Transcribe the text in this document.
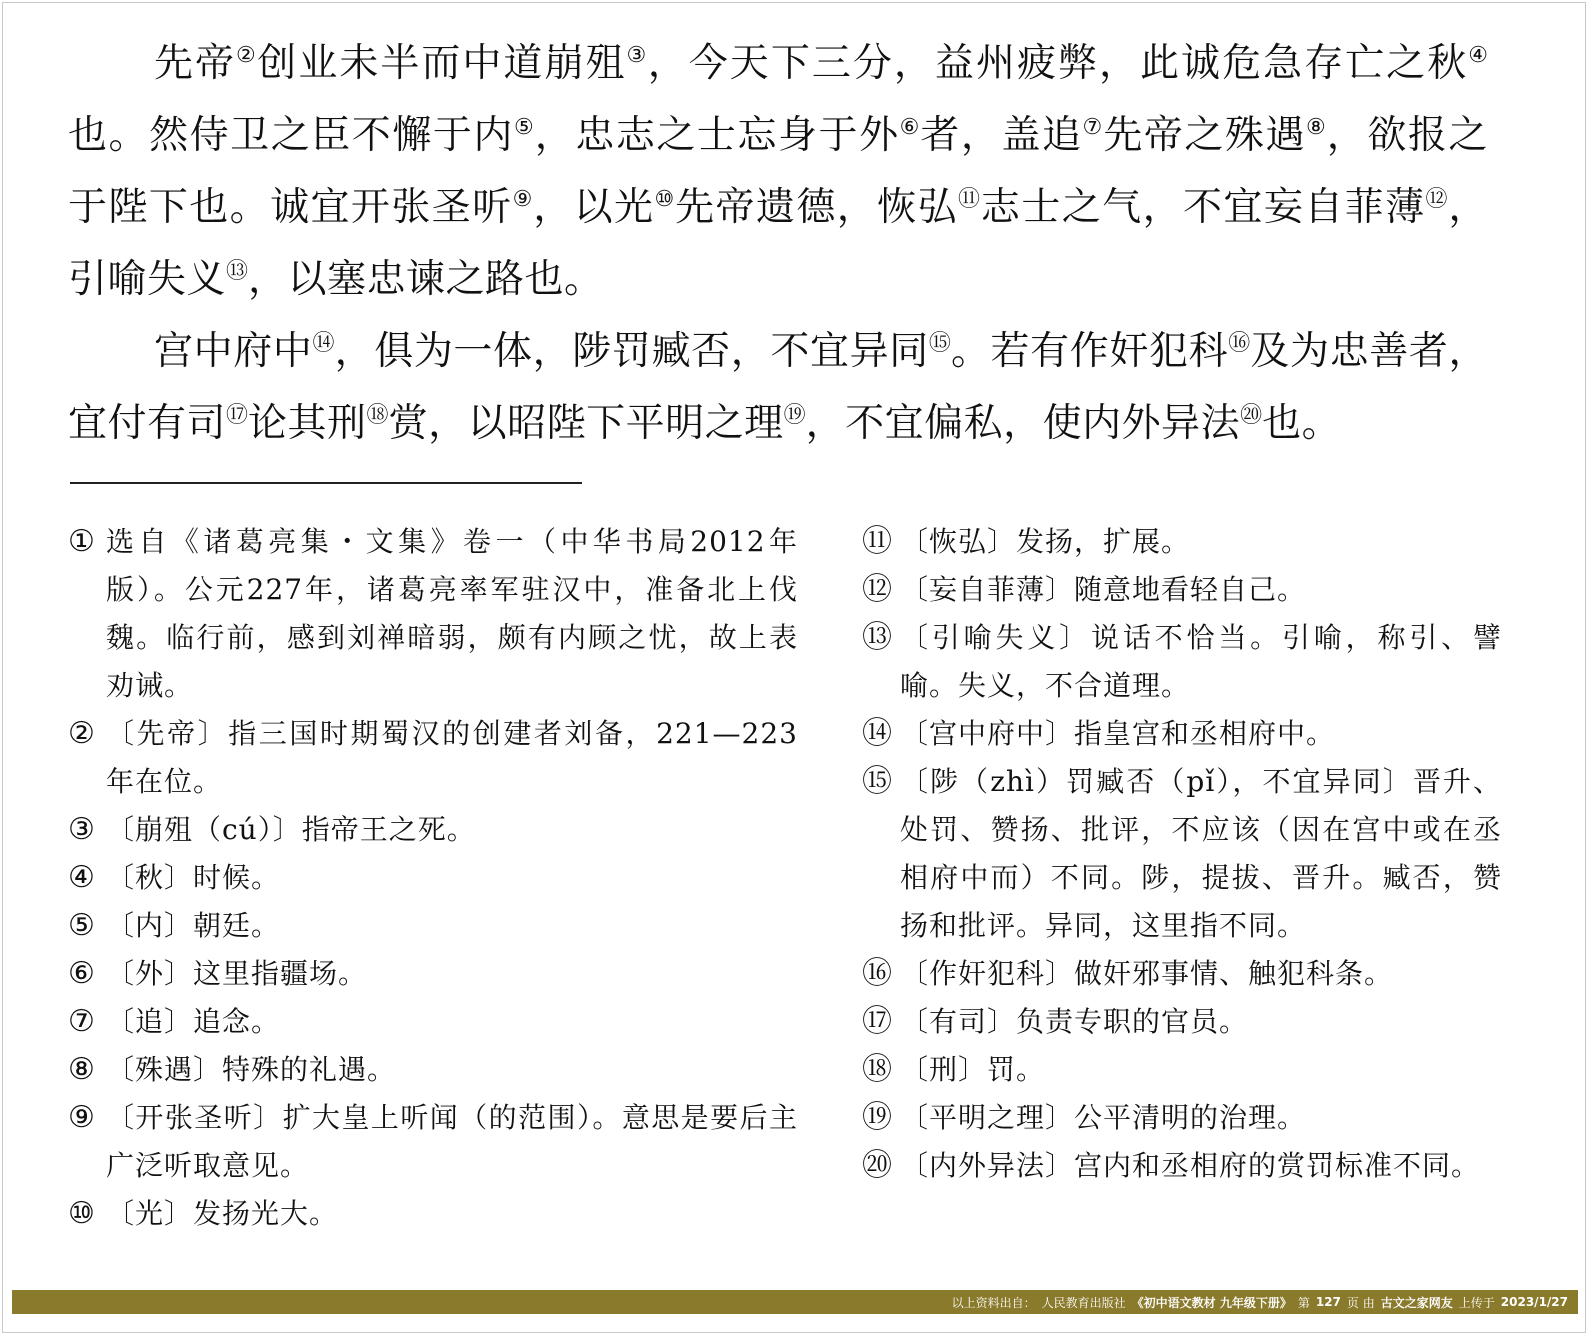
先帝②创业未半而中道崩殂③，今天下三分，益州疲弊，此诚危急存亡之秋④也。然侍卫之臣不懈于内⑤，忠志之士忘身于外⑥者，盖追⑦先帝之殊遇⑧，欲报之于陛下也。诚宜开张圣听⑨，以光⑩先帝遗德，恢弘⑪志士之气，不宜妄自菲薄⑫，引喻失义⑬，以塞忠谏之路也。

宫中府中⑭，俱为一体，陟罚臧否，不宜异同⑮。若有作奸犯科⑯及为忠善者，宜付有司⑰论其刑⑱赏，以昭陛下平明之理⑲，不宜偏私，使内外异法⑳也。

① 选自《诸葛亮集・文集》卷一（中华书局2012年版）。公元227年，诸葛亮率军驻汉中，准备北上伐魏。临行前，感到刘禅暗弱，颇有内顾之忧，故上表劝诫。
② 〔先帝〕指三国时期蜀汉的创建者刘备，221—223年在位。
③ 〔崩殂（cú）〕指帝王之死。
④ 〔秋〕时候。
⑤ 〔内〕朝廷。
⑥ 〔外〕这里指疆场。
⑦ 〔追〕追念。
⑧ 〔殊遇〕特殊的礼遇。
⑨ 〔开张圣听〕扩大皇上听闻（的范围）。意思是要后主广泛听取意见。
⑩ 〔光〕发扬光大。
⑪ 〔恢弘〕发扬，扩展。
⑫ 〔妄自菲薄〕随意地看轻自己。
⑬ 〔引喻失义〕说话不恰当。引喻，称引、譬喻。失义，不合道理。
⑭ 〔宫中府中〕指皇宫和丞相府中。
⑮ 〔陟（zhì）罚臧否（pǐ），不宜异同〕晋升、处罚、赞扬、批评，不应该（因在宫中或在丞相府中而）不同。陟，提拔、晋升。臧否，赞扬和批评。异同，这里指不同。
⑯ 〔作奸犯科〕做奸邪事情、触犯科条。
⑰ 〔有司〕负责专职的官员。
⑱ 〔刑〕罚。
⑲ 〔平明之理〕公平清明的治理。
⑳ 〔内外异法〕宫内和丞相府的赏罚标准不同。
以上资料出自： 人民教育出版社 《初中语文教材 九年级下册》 第 127 页 由 古文之家网友 上传于 2023/1/27
